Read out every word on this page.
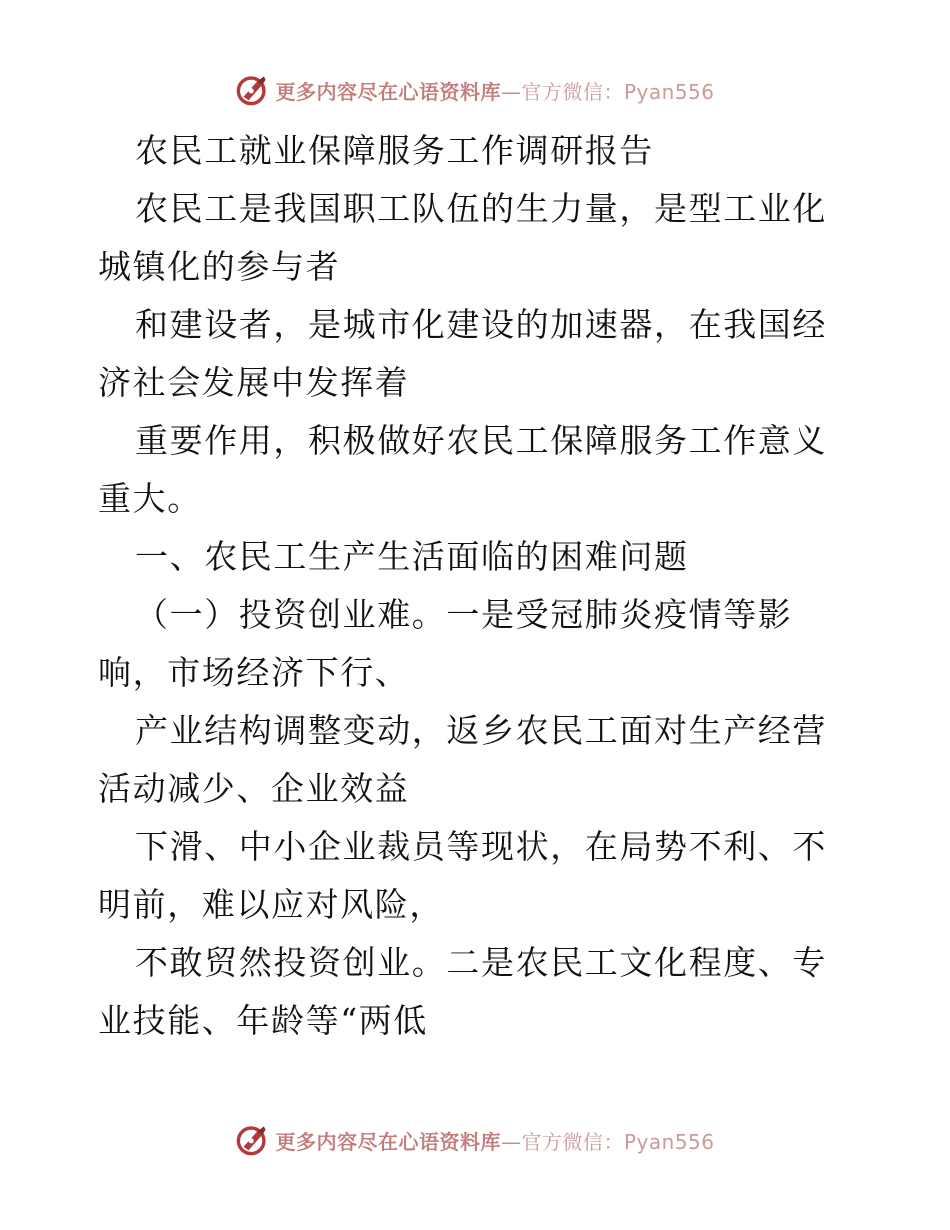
更多内容尽在心语资料库—官方微信：Pyan556

农民工就业保障服务工作调研报告

农民工是我国职工队伍的生力量，是型工业化城镇化的参与者

和建设者，是城市化建设的加速器，在我国经济社会发展中发挥着

重要作用，积极做好农民工保障服务工作意义重大。

一、农民工生产生活面临的困难问题

（一）投资创业难。一是受冠肺炎疫情等影响，市场经济下行、

产业结构调整变动，返乡农民工面对生产经营活动减少、企业效益

下滑、中小企业裁员等现状，在局势不利、不明前，难以应对风险，

不敢贸然投资创业。二是农民工文化程度、专业技能、年龄等“两低

更多内容尽在心语资料库—官方微信：Pyan556
